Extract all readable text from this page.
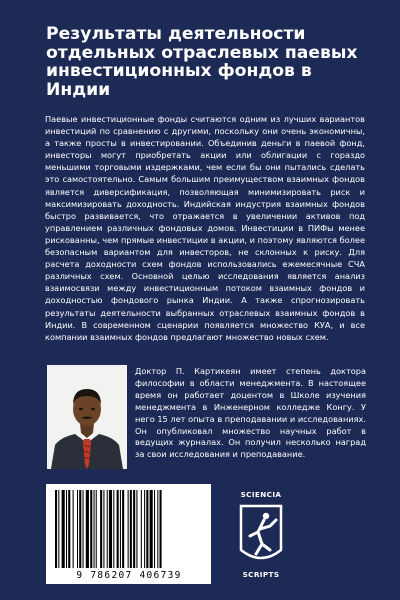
Результаты деятельности отдельных отраслевых паевых инвестиционных фондов в Индии

Паевые инвестиционные фонды считаются одним из лучших вариантов инвестиций по сравнению с другими, поскольку они очень экономичны, а также просты в инвестировании. Объединив деньги в паевой фонд, инвесторы могут приобретать акции или облигации с гораздо меньшими торговыми издержками, чем если бы они пытались сделать это самостоятельно. Самым большим преимуществом взаимных фондов является диверсификация, позволяющая минимизировать риск и максимизировать доходность. Индийская индустрия взаимных фондов быстро развивается, что отражается в увеличении активов под управлением различных фондовых домов. Инвестиции в ПИФы менее рискованны, чем прямые инвестиции в акции, и поэтому являются более безопасным вариантом для инвесторов, не склонных к риску. Для расчета доходности схем фондов использовались ежемесячные СЧА различных схем. Основной целью исследования является анализ взаимосвязи между инвестиционным потоком взаимных фондов и доходностью фондового рынка Индии. А также спрогнозировать результаты деятельности выбранных отраслевых взаимных фондов в Индии. В современном сценарии появляется множество КУА, и все компании взаимных фондов предлагают множество новых схем.

Доктор П. Картикеян имеет степень доктора философии в области менеджмента. В настоящее время он работает доцентом в Школе изучения менеджмента в Инженерном колледже Конгу. У него 15 лет опыта в преподавании и исследованиях. Он опубликовал множество научных работ в ведущих журналах. Он получил несколько наград за свои исследования и преподавание.

9 786207 406739
SCIENCIA
SCRIPTS
